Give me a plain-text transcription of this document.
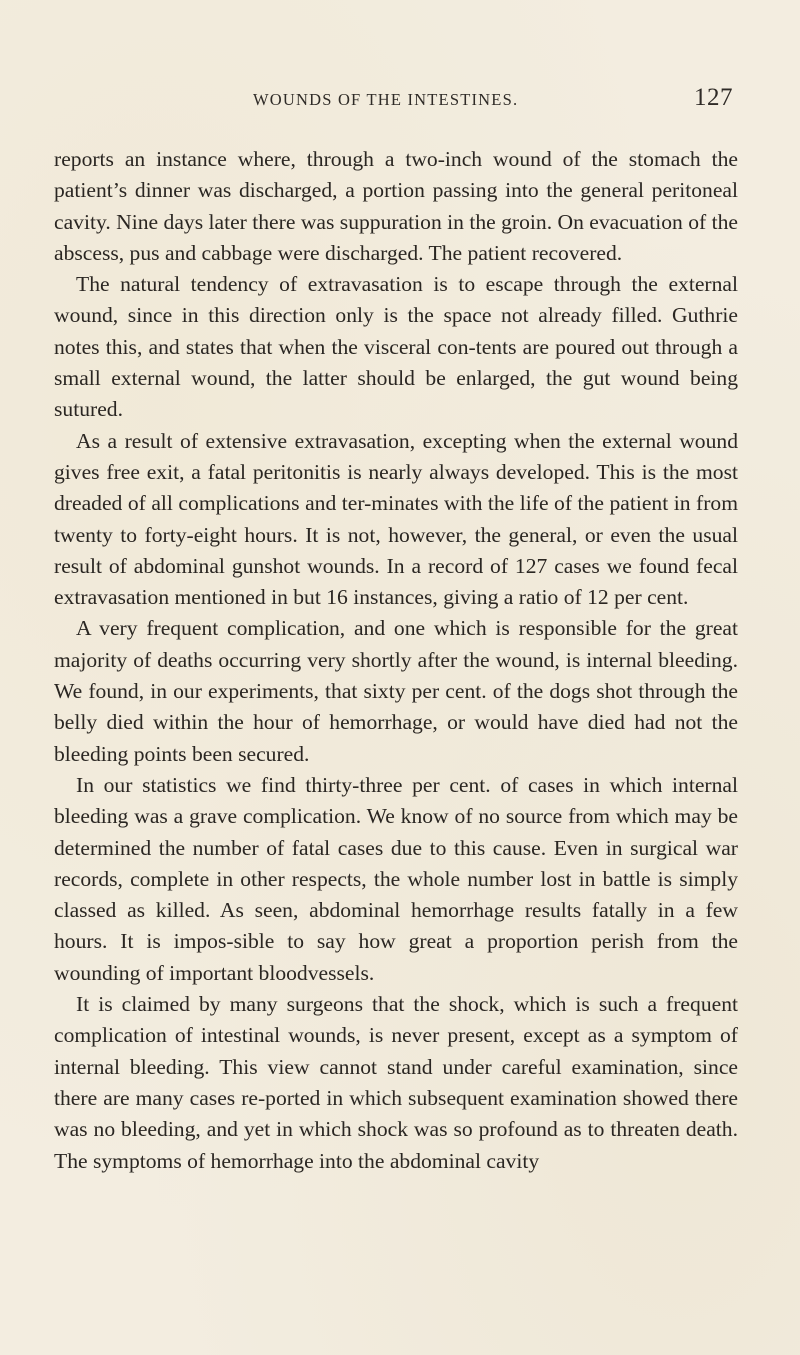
WOUNDS OF THE INTESTINES.	127

reports an instance where, through a two-inch wound of the stomach the patient’s dinner was discharged, a portion passing into the general peritoneal cavity. Nine days later there was suppuration in the groin. On evacuation of the abscess, pus and cabbage were discharged. The patient recovered.

The natural tendency of extravasation is to escape through the external wound, since in this direction only is the space not already filled. Guthrie notes this, and states that when the visceral con-tents are poured out through a small external wound, the latter should be enlarged, the gut wound being sutured.

As a result of extensive extravasation, excepting when the external wound gives free exit, a fatal peritonitis is nearly always developed. This is the most dreaded of all complications and ter-minates with the life of the patient in from twenty to forty-eight hours. It is not, however, the general, or even the usual result of abdominal gunshot wounds. In a record of 127 cases we found fecal extravasation mentioned in but 16 instances, giving a ratio of 12 per cent.

A very frequent complication, and one which is responsible for the great majority of deaths occurring very shortly after the wound, is internal bleeding. We found, in our experiments, that sixty per cent. of the dogs shot through the belly died within the hour of hemorrhage, or would have died had not the bleeding points been secured.

In our statistics we find thirty-three per cent. of cases in which internal bleeding was a grave complication. We know of no source from which may be determined the number of fatal cases due to this cause. Even in surgical war records, complete in other respects, the whole number lost in battle is simply classed as killed. As seen, abdominal hemorrhage results fatally in a few hours. It is impos-sible to say how great a proportion perish from the wounding of important bloodvessels.

It is claimed by many surgeons that the shock, which is such a frequent complication of intestinal wounds, is never present, except as a symptom of internal bleeding. This view cannot stand under careful examination, since there are many cases re-ported in which subsequent examination showed there was no bleeding, and yet in which shock was so profound as to threaten death. The symptoms of hemorrhage into the abdominal cavity
